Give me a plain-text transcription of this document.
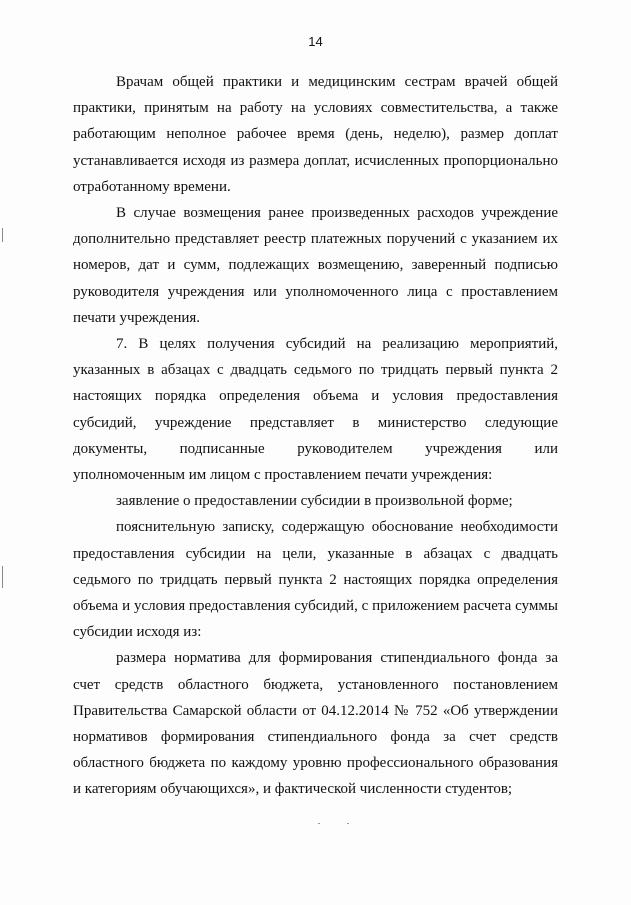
14

Врачам общей практики и медицинским сестрам врачей общей практики, принятым на работу на условиях совместительства, а также работающим неполное рабочее время (день, неделю), размер доплат устанавливается исходя из размера доплат, исчисленных пропорционально отработанному времени.

В случае возмещения ранее произведенных расходов учреждение дополнительно представляет реестр платежных поручений с указанием их номеров, дат и сумм, подлежащих возмещению, заверенный подписью руководителя учреждения или уполномоченного лица с проставлением печати учреждения.

7. В целях получения субсидий на реализацию мероприятий, указанных в абзацах с двадцать седьмого по тридцать первый пункта 2 настоящих порядка определения объема и условия предоставления субсидий, учреждение представляет в министерство следующие документы, подписанные руководителем учреждения или уполномоченным им лицом с проставлением печати учреждения:

заявление о предоставлении субсидии в произвольной форме;

пояснительную записку, содержащую обоснование необходимости предоставления субсидии на цели, указанные в абзацах с двадцать седьмого по тридцать первый пункта 2 настоящих порядка определения объема и условия предоставления субсидий, с приложением расчета суммы субсидии исходя из:

размера норматива для формирования стипендиального фонда за счет средств областного бюджета, установленного постановлением Правительства Самарской области от 04.12.2014 № 752 «Об утверждении нормативов формирования стипендиального фонда за счет средств областного бюджета по каждому уровню профессионального образования и категориям обучающихся», и фактической численности студентов;
